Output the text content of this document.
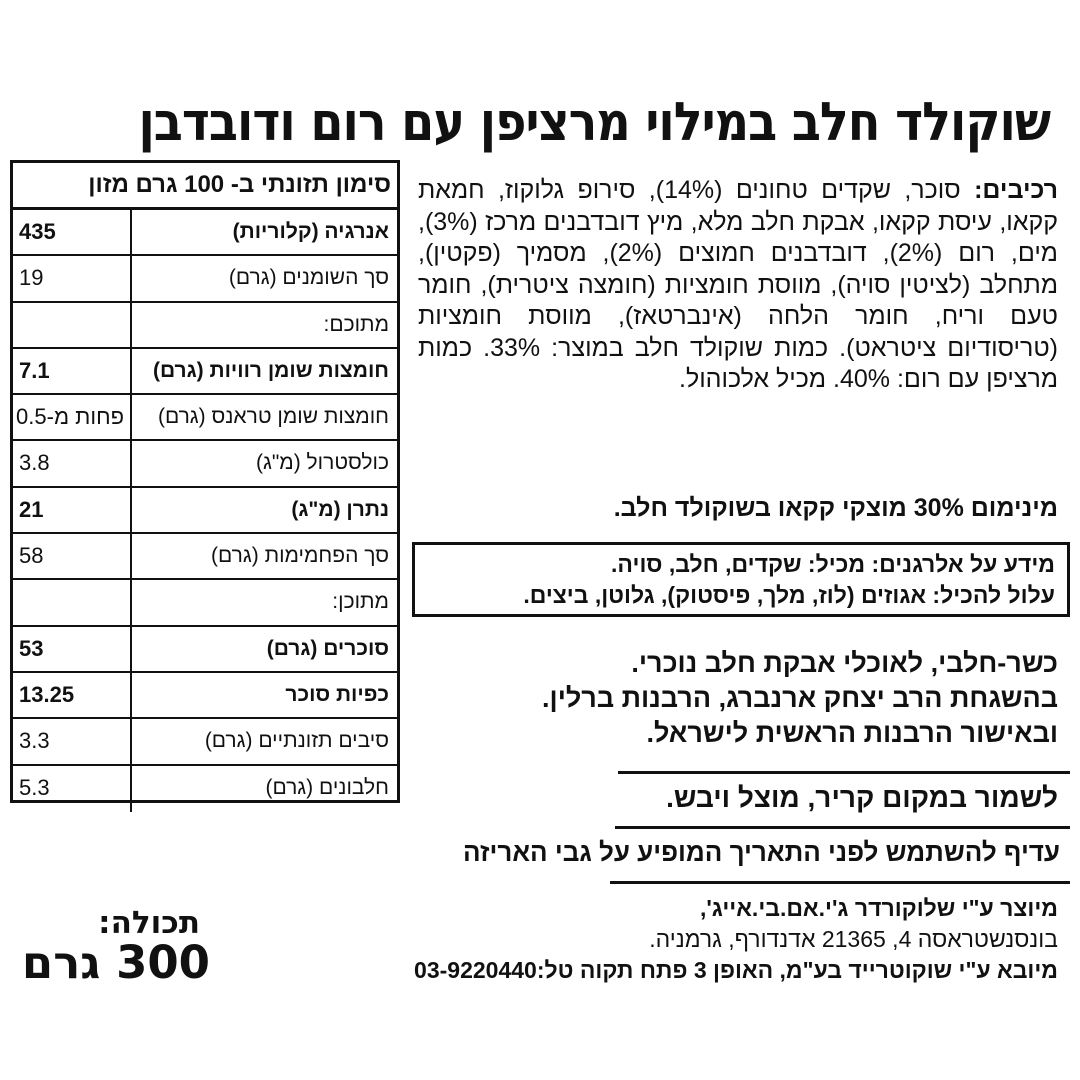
שוקולד חלב במילוי מרציפן עם רום ודובדבן
סימון תזונתי ב- 100 גרם מזון
אנרגיה (קלוריות)
435
סך השומנים (גרם)
19
מתוכם:
חומצות שומן רוויות (גרם)
7.1
חומצות שומן טראנס (גרם)
פחות מ-0.5
כולסטרול (מ"ג)
3.8
נתרן (מ"ג)
21
סך הפחמימות (גרם)
58
מתוכן:
סוכרים (גרם)
53
כפיות סוכר
13.25
סיבים תזונתיים (גרם)
3.3
חלבונים (גרם)
5.3
רכיבים: סוכר, שקדים טחונים (14%), סירופ גלוקוז, חמאת קקאו, עיסת קקאו, אבקת חלב מלא, מיץ דובדבנים מרכז (3%), מים, רום (2%), דובדבנים חמוצים (2%), מסמיך (פקטין), מתחלב (לציטין סויה), מווסת חומציות (חומצה ציטרית), חומר טעם וריח, חומר הלחה (אינברטאז), מווסת חומציות (טריסודיום ציטראט). כמות שוקולד חלב במוצר: 33%. כמות מרציפן עם רום: 40%. מכיל אלכוהול.
מינימום 30% מוצקי קקאו בשוקולד חלב.
מידע על אלרגנים: מכיל: שקדים, חלב, סויה.
עלול להכיל: אגוזים (לוז, מלך, פיסטוק), גלוטן, ביצים.
כשר-חלבי, לאוכלי אבקת חלב נוכרי.
בהשגחת הרב יצחק ארנברג, הרבנות ברלין.
ובאישור הרבנות הראשית לישראל.
לשמור במקום קריר, מוצל ויבש.
עדיף להשתמש לפני התאריך המופיע על גבי האריזה
מיוצר ע"י שלוקורדר ג'י.אם.בי.אייג',
בונסנשטראסה 4, 21365 אדנדורף, גרמניה.
מיובא ע"י שוקוטרייד בע"מ, האופן 3 פתח תקוה טל:03-9220440
תכולה:
300 גרם
